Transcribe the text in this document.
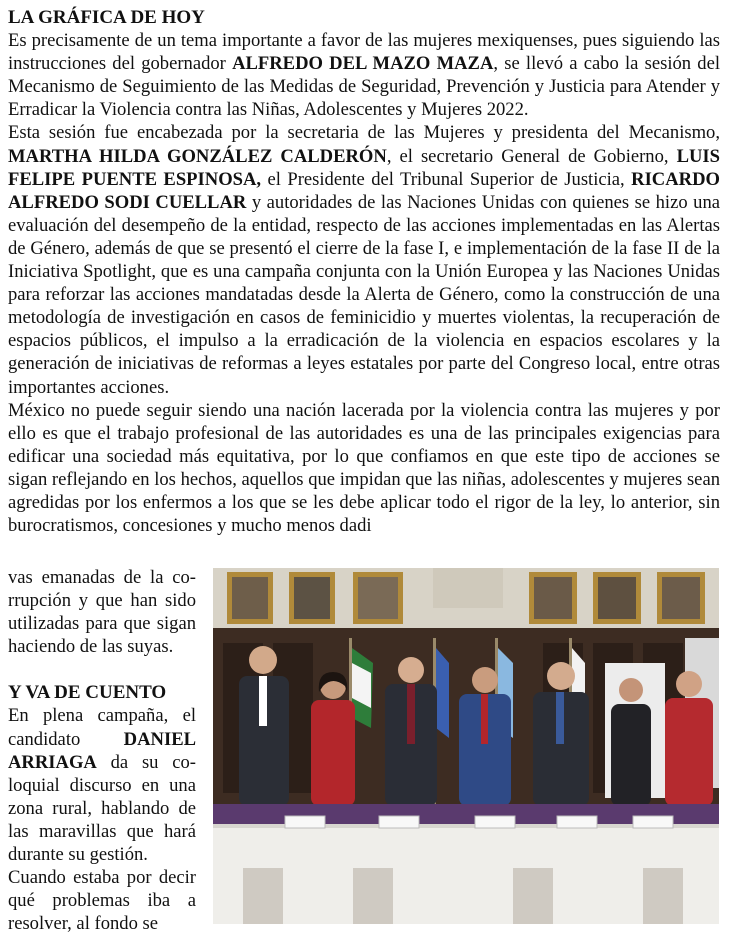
LA GRÁFICA DE HOY

Es precisamente de un tema importante a favor de las mujeres mexiquenses, pues siguiendo las instrucciones del gobernador ALFREDO DEL MAZO MAZA, se llevó a cabo la sesión del Mecanismo de Seguimiento de las Medidas de Seguridad, Prevención y Justicia para Atender y Erradicar la Violencia contra las Niñas, Adolescentes y Mujeres 2022.

Esta sesión fue encabezada por la secretaria de las Mujeres y presidenta del Mecanismo, MARTHA HILDA GONZÁLEZ CALDERÓN, el secretario General de Gobierno, LUIS FELIPE PUENTE ESPINOSA, el Presidente del Tribunal Superior de Justicia, RICARDO ALFREDO SODI CUELLAR y autoridades de las Naciones Unidas con quienes se hizo una evaluación del desempeño de la entidad, respecto de las acciones implementadas en las Alertas de Género, además de que se presentó el cierre de la fase I, e implementación de la fase II de la Iniciativa Spotlight, que es una campaña conjunta con la Unión Europea y las Naciones Unidas para reforzar las acciones mandatadas desde la Alerta de Género, como la construcción de una metodología de investigación en casos de feminicidio y muertes violentas, la recuperación de espacios públicos, el impulso a la erradicación de la violencia en espacios escolares y la generación de iniciativas de reformas a leyes estatales por parte del Congreso local, entre otras importantes acciones.

México no puede seguir siendo una nación lacerada por la violencia contra las mujeres y por ello es que el trabajo profesional de las autoridades es una de las principales exigencias para edificar una sociedad más equitativa, por lo que confiamos en que este tipo de acciones se sigan reflejando en los hechos, aquellos que impidan que las niñas, adolescentes y mujeres sean agredidas por los enfermos a los que se les debe aplicar todo el rigor de la ley, lo anterior, sin burocratismos, concesiones y mucho menos dadi

vas emanadas de la corrupción y que han sido utilizadas para que sigan haciendo de las suyas.

Y VA DE CUENTO

En plena campaña, el candidato DANIEL ARRIAGA da su coloquial discurso en una zona rural, hablando de las maravillas que hará durante su gestión.

Cuando estaba por decir qué problemas iba a resolver, al fondo se
